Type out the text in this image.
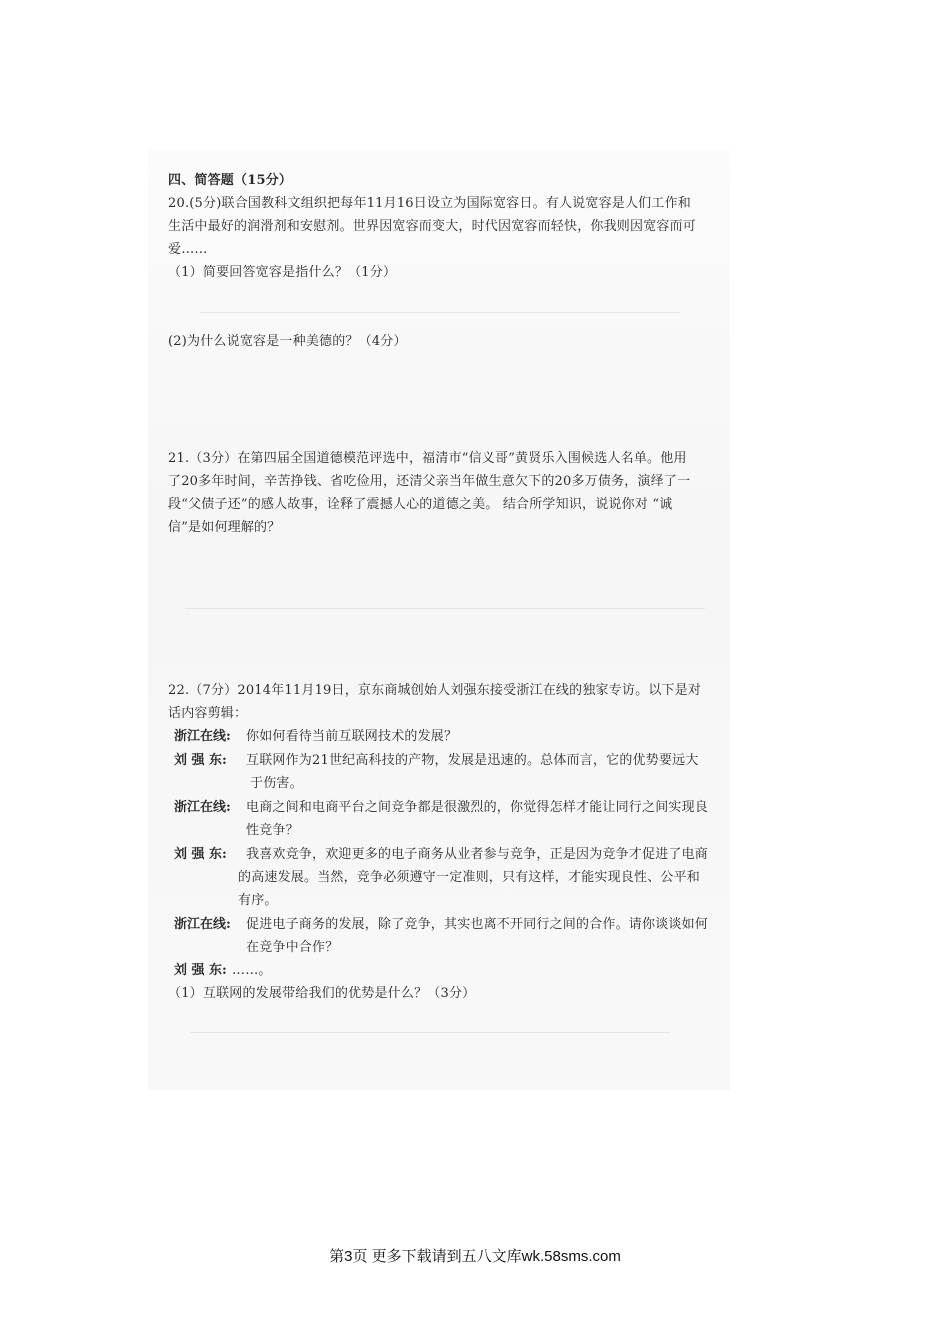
四、简答题（15分）
20.(5分)联合国教科文组织把每年11月16日设立为国际宽容日。有人说宽容是人们工作和
生活中最好的润滑剂和安慰剂。世界因宽容而变大，时代因宽容而轻快，你我则因宽容而可
爱……
（1）简要回答宽容是指什么？（1分）
(2)为什么说宽容是一种美德的？（4分）
21.（3分）在第四届全国道德模范评选中，福清市“信义哥”黄贤乐入围候选人名单。他用
了20多年时间，辛苦挣钱、省吃俭用，还清父亲当年做生意欠下的20多万债务，演绎了一
段“父债子还”的感人故事，诠释了震撼人心的道德之美。 结合所学知识，说说你对 “诚
信”是如何理解的？
22.（7分）2014年11月19日，京东商城创始人刘强东接受浙江在线的独家专访。以下是对
话内容剪辑：
浙江在线: 你如何看待当前互联网技术的发展？
刘 强 东: 互联网作为21世纪高科技的产物，发展是迅速的。总体而言，它的优势要远大
于伤害。
浙江在线: 电商之间和电商平台之间竞争都是很激烈的，你觉得怎样才能让同行之间实现良
性竞争？
刘 强 东: 我喜欢竞争，欢迎更多的电子商务从业者参与竞争，正是因为竞争才促进了电商
的高速发展。当然，竞争必须遵守一定准则，只有这样，才能实现良性、公平和
有序。
浙江在线: 促进电子商务的发展，除了竞争，其实也离不开同行之间的合作。请你谈谈如何
在竞争中合作？
刘 强 东: ……。
（1）互联网的发展带给我们的优势是什么？（3分）
第3页 更多下载请到五八文库wk.58sms.com
